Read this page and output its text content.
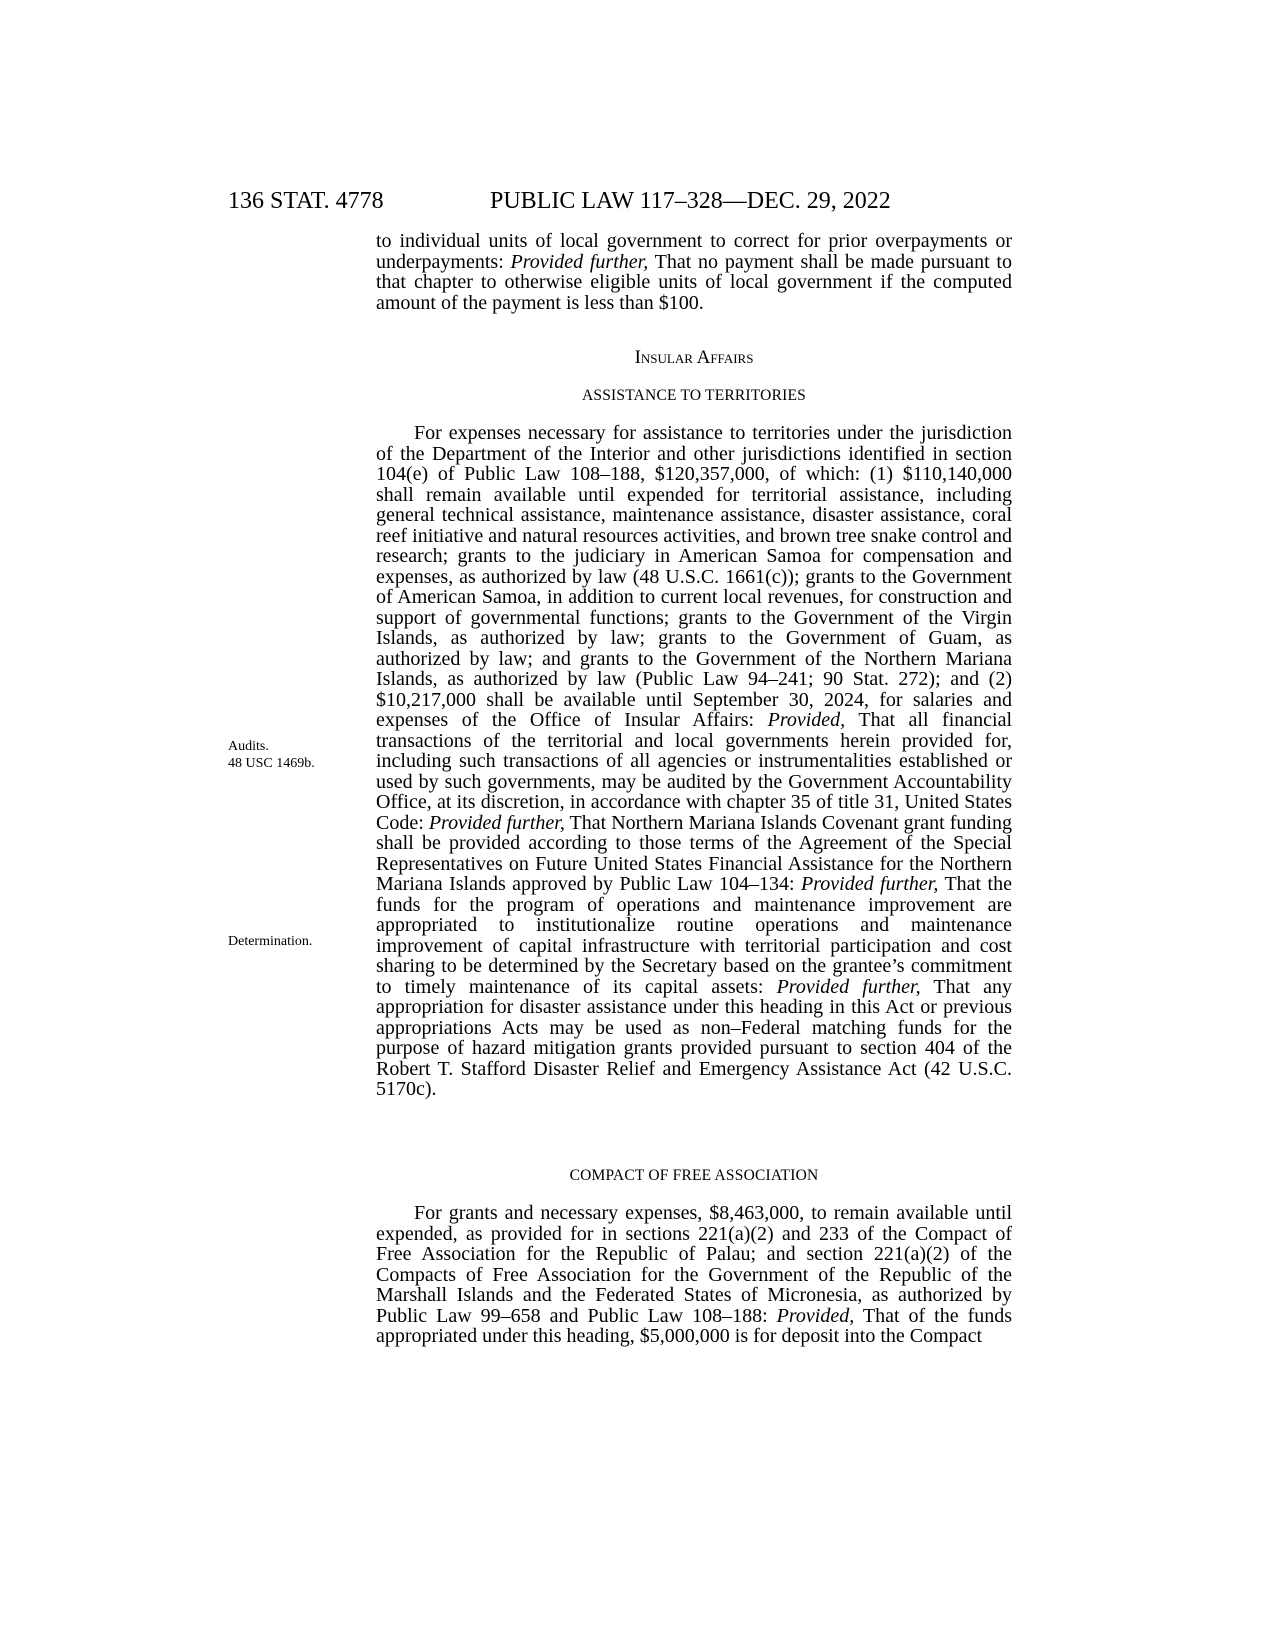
136 STAT. 4778	PUBLIC LAW 117–328—DEC. 29, 2022

to individual units of local government to correct for prior overpayments or underpayments: Provided further, That no payment shall be made pursuant to that chapter to otherwise eligible units of local government if the computed amount of the payment is less than $100.

Insular Affairs
ASSISTANCE TO TERRITORIES

For expenses necessary for assistance to territories under the jurisdiction of the Department of the Interior and other jurisdictions identified in section 104(e) of Public Law 108–188, $120,357,000, of which: (1) $110,140,000 shall remain available until expended for territorial assistance, including general technical assistance, maintenance assistance, disaster assistance, coral reef initiative and natural resources activities, and brown tree snake control and research; grants to the judiciary in American Samoa for compensation and expenses, as authorized by law (48 U.S.C. 1661(c)); grants to the Government of American Samoa, in addition to current local revenues, for construction and support of governmental functions; grants to the Government of the Virgin Islands, as authorized by law; grants to the Government of Guam, as authorized by law; and grants to the Government of the Northern Mariana Islands, as authorized by law (Public Law 94–241; 90 Stat. 272); and (2) $10,217,000 shall be available until September 30, 2024, for salaries and expenses of the Office of Insular Affairs: Provided, That all financial transactions of the territorial and local governments herein provided for, including such transactions of all agencies or instrumentalities established or used by such governments, may be audited by the Government Accountability Office, at its discretion, in accordance with chapter 35 of title 31, United States Code: Provided further, That Northern Mariana Islands Covenant grant funding shall be provided according to those terms of the Agreement of the Special Representatives on Future United States Financial Assistance for the Northern Mariana Islands approved by Public Law 104–134: Provided further, That the funds for the program of operations and maintenance improvement are appropriated to institutionalize routine operations and maintenance improvement of capital infrastructure with territorial participation and cost sharing to be determined by the Secretary based on the grantee’s commitment to timely maintenance of its capital assets: Provided further, That any appropriation for disaster assistance under this heading in this Act or previous appropriations Acts may be used as non–Federal matching funds for the purpose of hazard mitigation grants provided pursuant to section 404 of the Robert T. Stafford Disaster Relief and Emergency Assistance Act (42 U.S.C. 5170c).

COMPACT OF FREE ASSOCIATION

For grants and necessary expenses, $8,463,000, to remain available until expended, as provided for in sections 221(a)(2) and 233 of the Compact of Free Association for the Republic of Palau; and section 221(a)(2) of the Compacts of Free Association for the Government of the Republic of the Marshall Islands and the Federated States of Micronesia, as authorized by Public Law 99–658 and Public Law 108–188: Provided, That of the funds appropriated under this heading, $5,000,000 is for deposit into the Compact

Audits.
48 USC 1469b.
Determination.
